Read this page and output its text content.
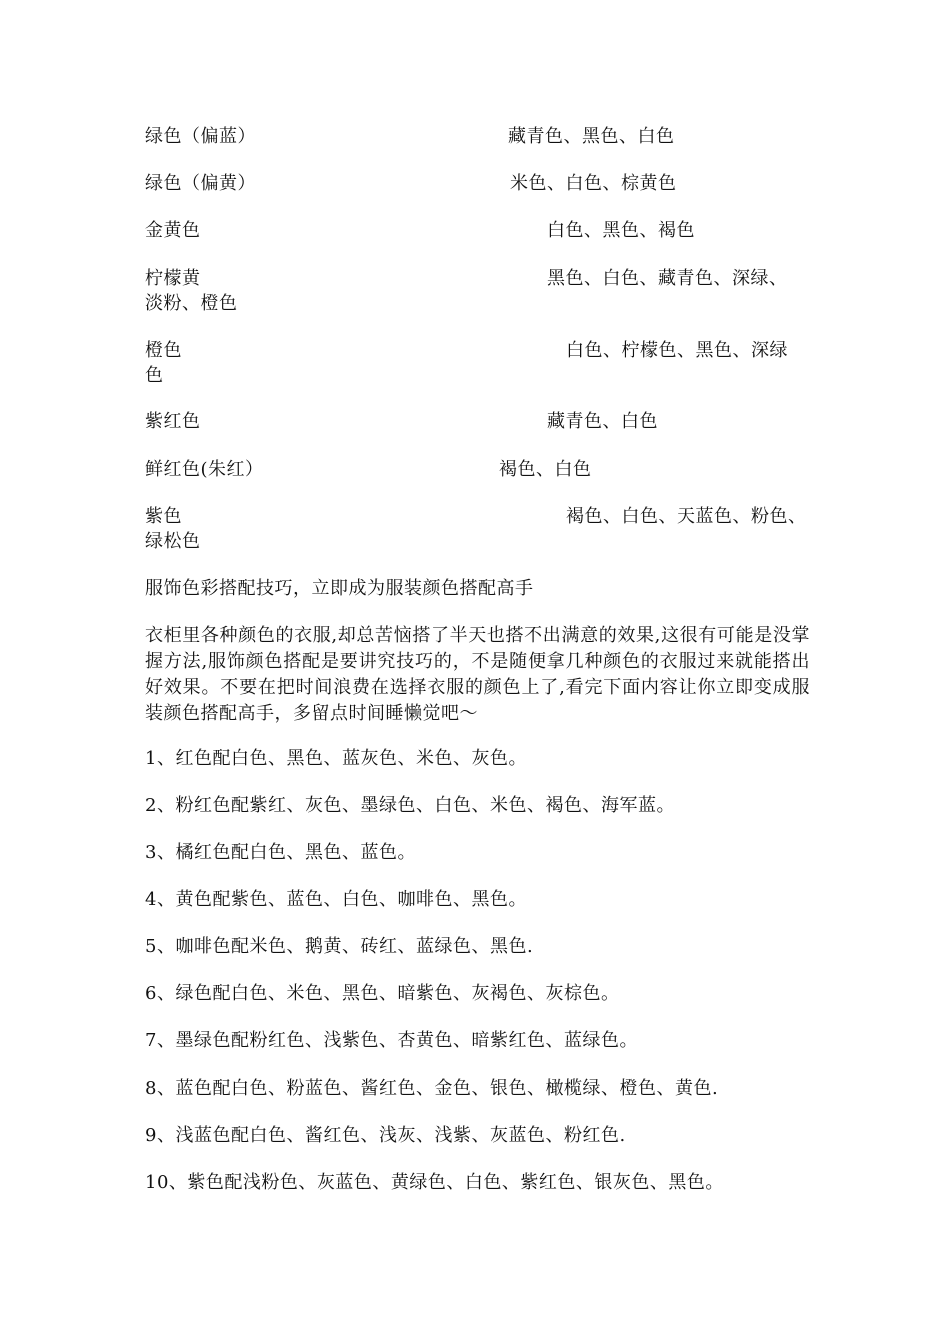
绿色（偏蓝）	藏青色、黑色、白色
绿色（偏黄）	米色、白色、棕黄色
金黄色	白色、黑色、褐色
柠檬黄	黑色、白色、藏青色、深绿、
淡粉、橙色
橙色	白色、柠檬色、黑色、深绿
色
紫红色	藏青色、白色
鲜红色(朱红）	褐色、白色
紫色	褐色、白色、天蓝色、粉色、
绿松色
服饰色彩搭配技巧，立即成为服装颜色搭配高手
衣柜里各种颜色的衣服,却总苦恼搭了半天也搭不出满意的效果,这很有可能是没掌握方法,服饰颜色搭配是要讲究技巧的，不是随便拿几种颜色的衣服过来就能搭出好效果。不要在把时间浪费在选择衣服的颜色上了,看完下面内容让你立即变成服装颜色搭配高手，多留点时间睡懒觉吧～
1、红色配白色、黑色、蓝灰色、米色、灰色。
2、粉红色配紫红、灰色、墨绿色、白色、米色、褐色、海军蓝。
3、橘红色配白色、黑色、蓝色。
4、黄色配紫色、蓝色、白色、咖啡色、黑色。
5、咖啡色配米色、鹅黄、砖红、蓝绿色、黑色.
6、绿色配白色、米色、黑色、暗紫色、灰褐色、灰棕色。
7、墨绿色配粉红色、浅紫色、杏黄色、暗紫红色、蓝绿色。
8、蓝色配白色、粉蓝色、酱红色、金色、银色、橄榄绿、橙色、黄色.
9、浅蓝色配白色、酱红色、浅灰、浅紫、灰蓝色、粉红色.
10、紫色配浅粉色、灰蓝色、黄绿色、白色、紫红色、银灰色、黑色。
